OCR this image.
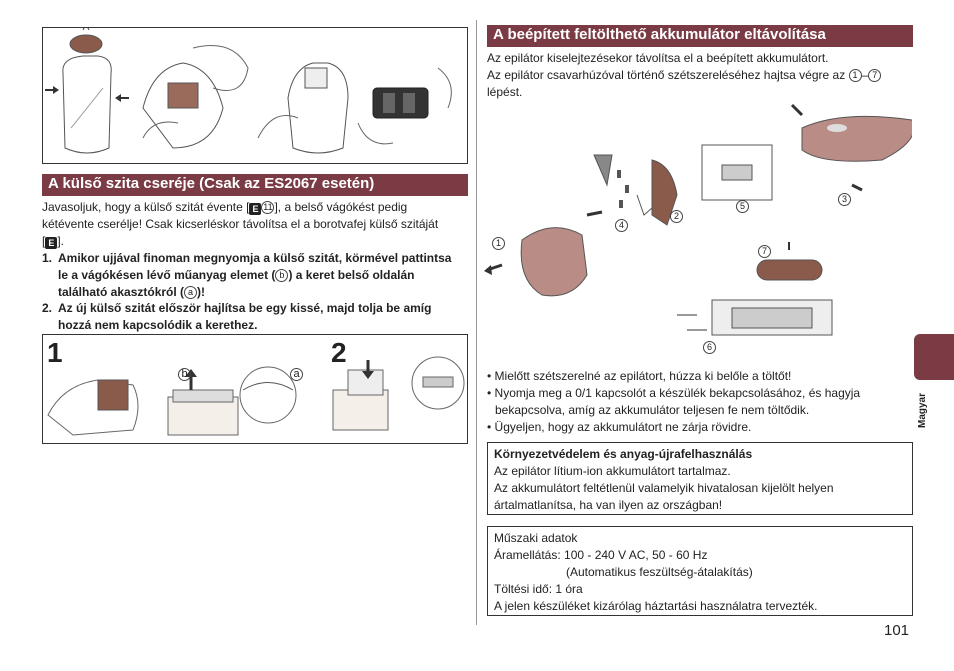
A külső szita cseréje (Csak az ES2067 esetén)
Javasoljuk, hogy a külső szitát évente [ E 11 ], a belső vágókést pedig
kétévente cserélje! Csak kicserléskor távolítsa el a borotvafej külső szitáját
[ E ].
1. Amikor ujjával finoman megnyomja a külső szitát, körmével pattintsa
le a vágókésen lévő műanyag elemet ( b ) a keret belső oldalán
található akasztókról ( a )!
2. Az új külső szitát először hajlítsa be egy kissé, majd tolja be amíg
hozzá nem kapcsolódik a kerethez.
1	2
b	a
A beépített feltölthető akkumulátor eltávolítása
Az epilátor kiselejtezésekor távolítsa el a beépített akkumulátort.
Az epilátor csavarhúzóval történő szétszereléséhez hajtsa végre az 1 – 7
lépést.
1
2
3
4
5
6
7
• Mielőtt szétszerelné az epilátort, húzza ki belőle a töltőt!
• Nyomja meg a 0/1 kapcsolót a készülék bekapcsolásához, és hagyja
bekapcsolva, amíg az akkumulátor teljesen fe nem töltődik.
• Ügyeljen, hogy az akkumulátort ne zárja rövidre.
Környezetvédelem és anyag-újrafelhasználás
Az epilátor lítium-ion akkumulátort tartalmaz.
Az akkumulátort feltétlenül valamelyik hivatalosan kijelölt helyen
ártalmatlanítsa, ha van ilyen az országban!
Műszaki adatok
Áramellátás: 100 - 240 V AC, 50 - 60 Hz
(Automatikus feszültség-átalakítás)
Töltési idő: 1 óra
A jelen készüléket kizárólag háztartási használatra tervezték.
Magyar
101
